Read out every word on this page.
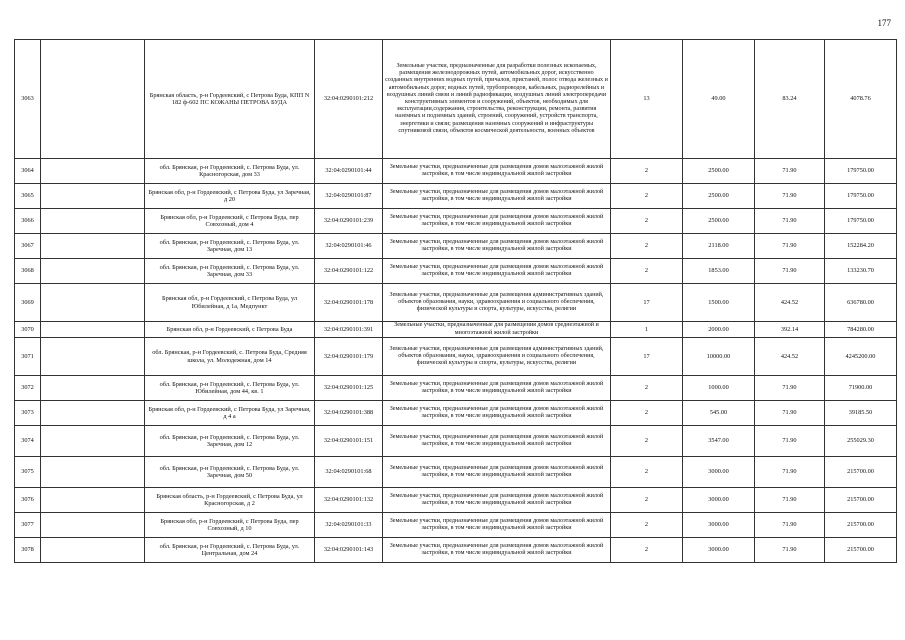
177
3063		Брянская область, р-н Гордеевский, с Петрова Буда, КПП N 182 ф-602 ПС КОЖАНЫ ПЕТРОВА БУДА	32:04:0290101:212	Земельные участки, предназначенные для разработки полезных ископаемых, размещения железнодорожных путей, автомобильных дорог, искусственно созданных внутренних водных путей, причалов, пристаней, полос отвода железных и автомобильных дорог, водных путей, трубопроводов, кабельных, радиорелейных и воздушных линий связи и линий радиофикации, воздушных линий электропередачи конструктивных элементов и сооружений, объектов, необходимых для эксплуатации,содержания, строительства, реконструкции, ремонта, развития наземных и подземных зданий, строений, сооружений, устройств транспорта, энергетики и связи; размещения наземных сооружений и инфраструктуры спутниковой связи, объектов космической деятельности, военных объектов	13	49.00	83.24	4078.76
3064		обл. Брянская, р-н Гордеевский, с. Петрова Буда, ул. Красногорская, дом 33	32:04:0290101:44	Земельные участки, предназначенные для размещения домов малоэтажной жилой застройки, в том числе индивидуальной жилой застройки	2	2500.00	71.90	179750.00
3065		Брянская обл, р-н Гордеевский, с Петрова Буда, ул Заречная, д 20	32:04:0290101:87	Земельные участки, предназначенные для размещения домов малоэтажной жилой застройки, в том числе индивидуальной жилой застройки	2	2500.00	71.90	179750.00
3066		Брянская обл, р-н Гордеевский, с Петрова Буда, пер Совхозный, дом 4	32:04:0290101:239	Земельные участки, предназначенные для размещения домов малоэтажной жилой застройки, в том числе индивидуальной жилой застройки	2	2500.00	71.90	179750.00
3067		обл. Брянская, р-н Гордеевский, с. Петрова Буда, ул. Заречная, дом 13	32:04:0290101:46	Земельные участки, предназначенные для размещения домов малоэтажной жилой застройки, в том числе индивидуальной жилой застройки	2	2118.00	71.90	152284.20
3068		обл. Брянская, р-н Гордеевский, с. Петрова Буда, ул. Заречная, дом 33	32:04:0290101:122	Земельные участки, предназначенные для размещения домов малоэтажной жилой застройки, в том числе индивидуальной жилой застройки	2	1853.00	71.90	133230.70
3069		Брянская обл, р-н Гордеевский, с Петрова Буда, ул Юбилейная, д 1а, Медпункт	32:04:0290101:178	Земельные участки, предназначенные для размещения административных зданий, объектов образования, науки, здравоохранения и социального обеспечения, физической культуры и спорта, культуры, искусства, религии	17	1500.00	424.52	636780.00
3070		Брянская обл, р-н Гордеевский, с Петрова Буда	32:04:0290101:391	Земельные участки, предназначенные для размещения домов среднеэтажной и многоэтажной жилой застройки	1	2000.00	392.14	784280.00
3071		обл. Брянская, р-н Гордеевский, с. Петрова Буда, Средняя школа, ул. Молодежная, дом 14	32:04:0290101:179	Земельные участки, предназначенные для размещения административных зданий, объектов образования, науки, здравоохранения и социального обеспечения, физической культуры и спорта, культуры, искусства, религии	17	10000.00	424.52	4245200.00
3072		обл. Брянская, р-н Гордеевский, с. Петрова Буда, ул. Юбилейная, дом 44, кв. 1	32:04:0290101:125	Земельные участки, предназначенные для размещения домов малоэтажной жилой застройки, в том числе индивидуальной жилой застройки	2	1000.00	71.90	71900.00
3073		Брянская обл, р-н Гордеевский, с Петрова Буда, ул Заречная, д 4 а	32:04:0290101:388	Земельные участки, предназначенные для размещения домов малоэтажной жилой застройки, в том числе индивидуальной жилой застройки	2	545.00	71.90	39185.50
3074		обл. Брянская, р-н Гордеевский, с. Петрова Буда, ул. Заречная, дом 12	32:04:0290101:151	Земельные участки, предназначенные для размещения домов малоэтажной жилой застройки, в том числе индивидуальной жилой застройки	2	3547.00	71.90	255029.30
3075		обл. Брянская, р-н Гордеевский, с. Петрова Буда, ул. Заречная, дом 50	32:04:0290101:68	Земельные участки, предназначенные для размещения домов малоэтажной жилой застройки, в том числе индивидуальной жилой застройки	2	3000.00	71.90	215700.00
3076		Брянская область, р-н Гордеевский, с Петрова Буда, ул Красногорская, д 2	32:04:0290101:132	Земельные участки, предназначенные для размещения домов малоэтажной жилой застройки, в том числе индивидуальной жилой застройки	2	3000.00	71.90	215700.00
3077		Брянская обл, р-н Гордеевский, с Петрова Буда, пер Совхозный, д 10	32:04:0290101:33	Земельные участки, предназначенные для размещения домов малоэтажной жилой застройки, в том числе индивидуальной жилой застройки	2	3000.00	71.90	215700.00
3078		обл. Брянская, р-н Гордеевский, с. Петрова Буда, ул. Центральная, дом 24	32:04:0290101:143	Земельные участки, предназначенные для размещения домов малоэтажной жилой застройки, в том числе индивидуальной жилой застройки	2	3000.00	71.90	215700.00
